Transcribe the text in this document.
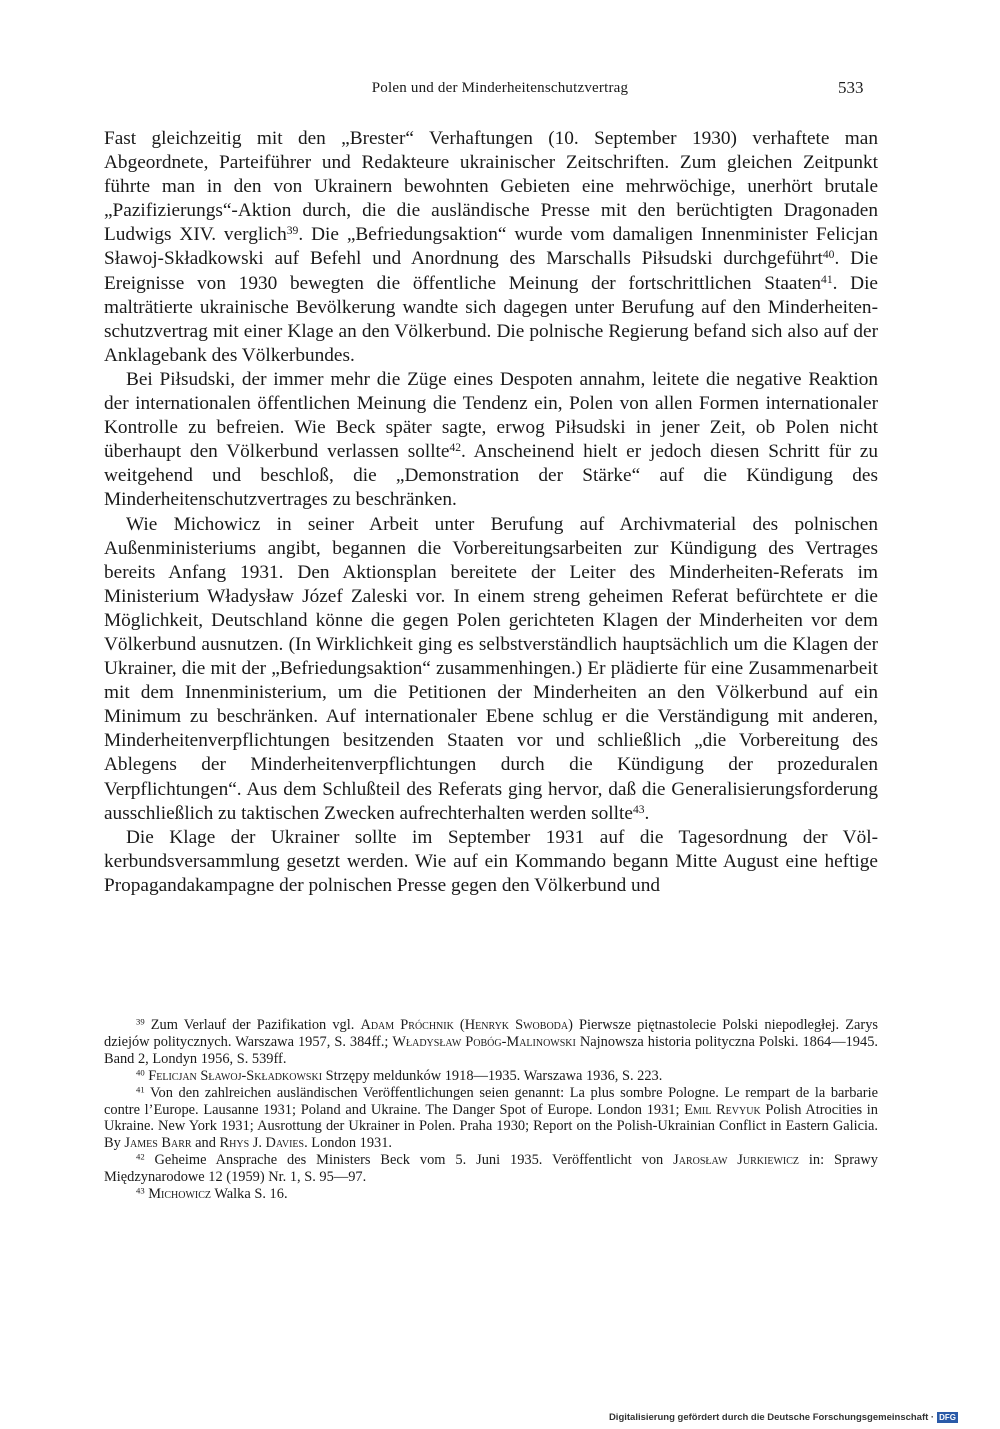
Polen und der Minderheitenschutzvertrag	533

Fast gleichzeitig mit den „Brester“ Verhaftungen (10. September 1930) verhaftete man Abgeordnete, Parteiführer und Redakteure ukrainischer Zeitschriften. Zum gleichen Zeitpunkt führte man in den von Ukrainern bewohnten Gebieten eine mehrwöchige, unerhört brutale „Pazifizierungs“-Aktion durch, die die ausländische Presse mit den berüchtigten Dragonaden Ludwigs XIV. verglich$^{39}$. Die „Befriedungsaktion“ wurde vom damaligen Innenminister Felicjan Sławoj-Składkowski auf Befehl und Anordnung des Marschalls Piłsudski durchgeführt$^{40}$. Die Ereignisse von 1930 bewegten die öffentliche Meinung der fortschrittlichen Staaten$^{41}$. Die malträtierte ukrainische Bevölkerung wandte sich dagegen unter Berufung auf den Minderheitenschutzvertrag mit einer Klage an den Völkerbund. Die polnische Regierung befand sich also auf der Anklagebank des Völkerbundes.

Bei Piłsudski, der immer mehr die Züge eines Despoten annahm, leitete die negative Reaktion der internationalen öffentlichen Meinung die Tendenz ein, Polen von allen Formen internationaler Kontrolle zu befreien. Wie Beck später sagte, erwog Piłsudski in jener Zeit, ob Polen nicht überhaupt den Völkerbund verlassen sollte$^{42}$. Anscheinend hielt er jedoch diesen Schritt für zu weitgehend und beschloß, die „Demonstration der Stärke“ auf die Kündigung des Minderheitenschutzvertrages zu beschränken.

Wie Michowicz in seiner Arbeit unter Berufung auf Archivmaterial des polnischen Außenministeriums angibt, begannen die Vorbereitungsarbeiten zur Kündigung des Vertrages bereits Anfang 1931. Den Aktionsplan bereitete der Leiter des Minderheiten-Referats im Ministerium Władysław Józef Zaleski vor. In einem streng geheimen Referat befürchtete er die Möglichkeit, Deutschland könne die gegen Polen gerichteten Klagen der Minderheiten vor dem Völkerbund ausnutzen. (In Wirklichkeit ging es selbstverständlich hauptsächlich um die Klagen der Ukrainer, die mit der „Befriedungsaktion“ zusammenhingen.) Er plädierte für eine Zusammenarbeit mit dem Innenministerium, um die Petitionen der Minderheiten an den Völkerbund auf ein Minimum zu beschränken. Auf internationaler Ebene schlug er die Verständigung mit anderen, Minderheitenverpflichtungen besitzenden Staaten vor und schließlich „die Vorbereitung des Ablegens der Minderheitenverpflichtungen durch die Kündigung der prozeduralen Verpflichtungen“. Aus dem Schlußteil des Referats ging hervor, daß die Generalisierungsforderung ausschließlich zu taktischen Zwecken aufrechterhalten werden sollte$^{43}$.

Die Klage der Ukrainer sollte im September 1931 auf die Tagesordnung der Völkerbundsversammlung gesetzt werden. Wie auf ein Kommando begann Mitte August eine heftige Propagandakampagne der polnischen Presse gegen den Völkerbund und

$^{39}$ Zum Verlauf der Pazifikation vgl. Adam Próchnik (Henryk Swoboda) Pierwsze piętnastolecie Polski niepodległej. Zarys dziejów politycznych. Warszawa 1957, S. 384ff.; Władysław Pobóg-Malinowski Najnowsza historia polityczna Polski. 1864—1945. Band 2, Londyn 1956, S. 539ff.

$^{40}$ Felicjan Sławoj-Składkowski Strzępy meldunków 1918—1935. Warszawa 1936, S. 223.

$^{41}$ Von den zahlreichen ausländischen Veröffentlichungen seien genannt: La plus sombre Pologne. Le rempart de la barbarie contre l’Europe. Lausanne 1931; Poland and Ukraine. The Danger Spot of Europe. London 1931; Emil Revyuk Polish Atrocities in Ukraine. New York 1931; Ausrottung der Ukrainer in Polen. Praha 1930; Report on the Polish-Ukrainian Conflict in Eastern Galicia. By James Barr and Rhys J. Davies. London 1931.

$^{42}$ Geheime Ansprache des Ministers Beck vom 5. Juni 1935. Veröffentlicht von Jarosław Jurkiewicz in: Sprawy Międzynarodowe 12 (1959) Nr. 1, S. 95—97.

$^{43}$ Michowicz Walka S. 16.

Digitalisierung gefördert durch die Deutsche Forschungsgemeinschaft · DFG
